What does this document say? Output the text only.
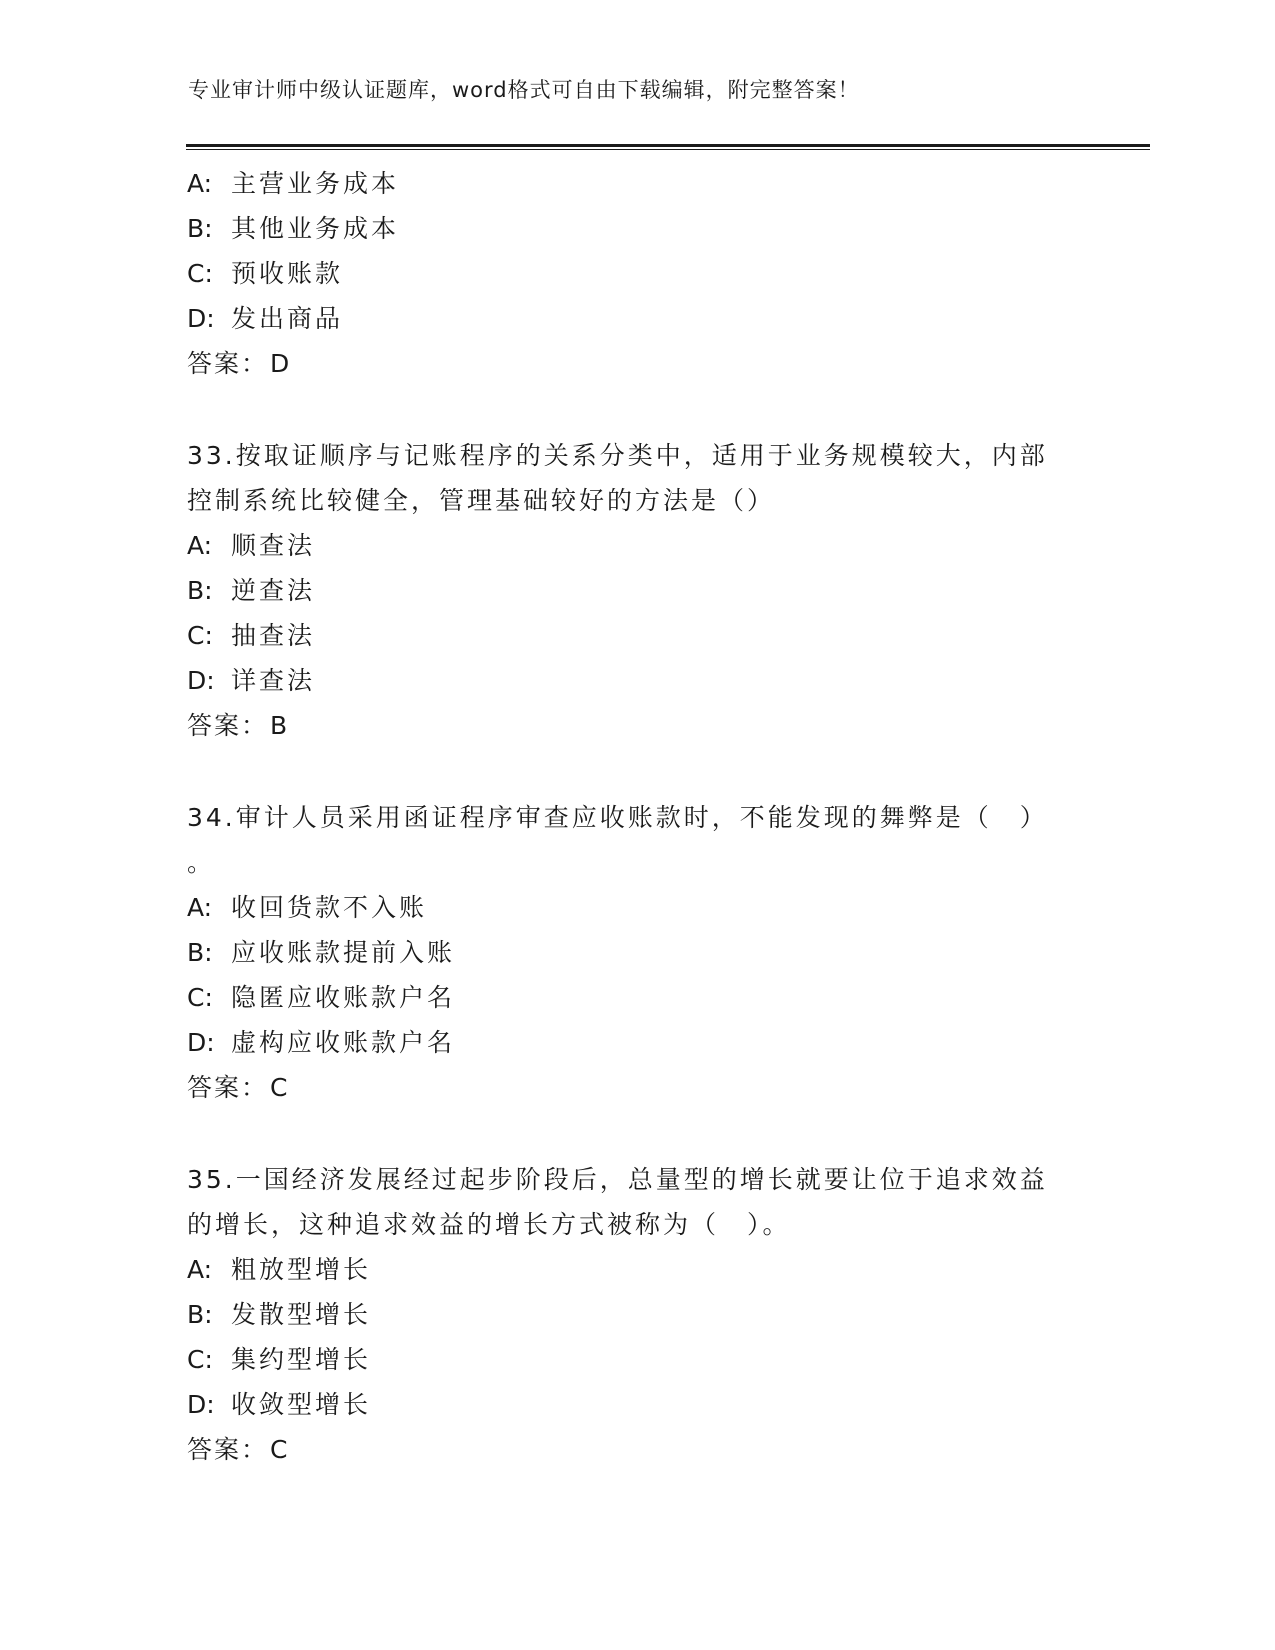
专业审计师中级认证题库，word格式可自由下载编辑，附完整答案！
A: 主营业务成本
B: 其他业务成本
C: 预收账款
D: 发出商品
答案：D
33.按取证顺序与记账程序的关系分类中，适用于业务规模较大，内部
控制系统比较健全，管理基础较好的方法是（）
A: 顺查法
B: 逆查法
C: 抽查法
D: 详查法
答案：B
34.审计人员采用函证程序审查应收账款时，不能发现的舞弊是（　）
。
A: 收回货款不入账
B: 应收账款提前入账
C: 隐匿应收账款户名
D: 虚构应收账款户名
答案：C
35.一国经济发展经过起步阶段后，总量型的增长就要让位于追求效益
的增长，这种追求效益的增长方式被称为（　）。
A: 粗放型增长
B: 发散型增长
C: 集约型增长
D: 收敛型增长
答案：C
